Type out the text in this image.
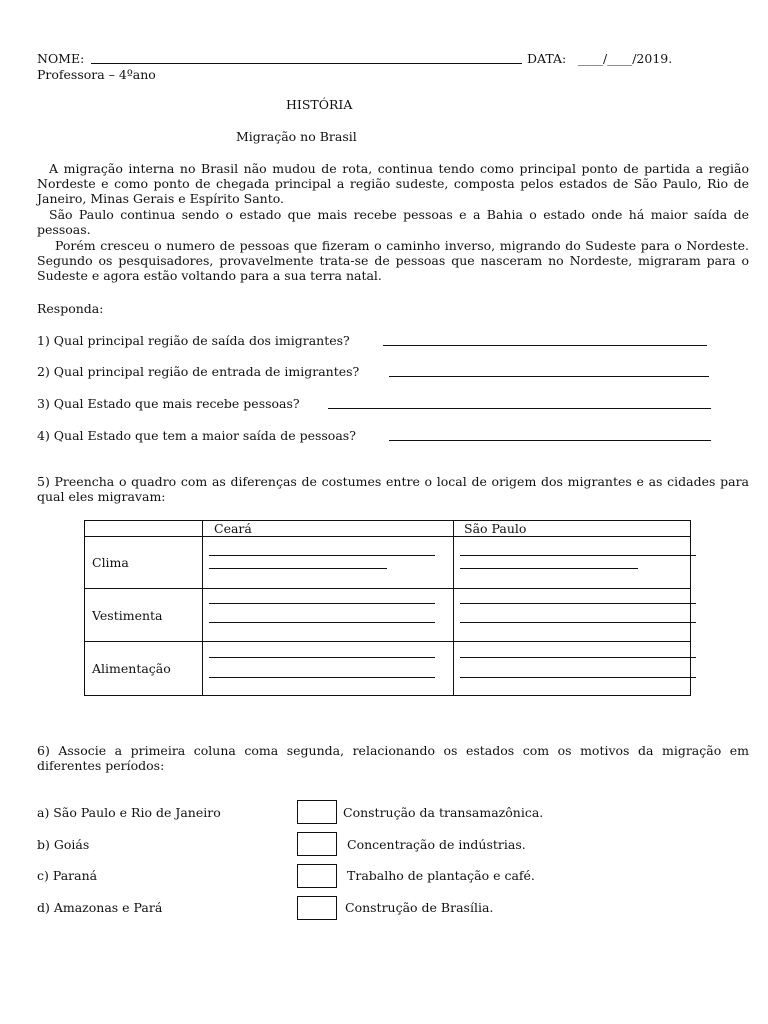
NOME:	DATA: ____/____/2019.
Professora – 4ºano
HISTÓRIA
Migração no Brasil
A migração interna no Brasil não mudou de rota, continua tendo como principal ponto de partida a região Nordeste e como ponto de chegada principal a região sudeste, composta pelos estados de São Paulo, Rio de Janeiro, Minas Gerais e Espírito Santo.
São Paulo continua sendo o estado que mais recebe pessoas e a Bahia o estado onde há maior saída de pessoas.
Porém cresceu o numero de pessoas que fizeram o caminho inverso, migrando do Sudeste para o Nordeste. Segundo os pesquisadores, provavelmente trata-se de pessoas que nasceram no Nordeste, migraram para o Sudeste e agora estão voltando para a sua terra natal.
Responda:
1) Qual principal região de saída dos imigrantes?
2) Qual principal região de entrada de imigrantes?
3) Qual Estado que mais recebe pessoas?
4) Qual Estado que tem a maior saída de pessoas?
5) Preencha o quadro com as diferenças de costumes entre o local de origem dos migrantes e as cidades para qual eles migravam:
	Ceará	São Paulo
Clima	

Vestimenta	

Alimentação	

6) Associe a primeira coluna coma segunda, relacionando os estados com os motivos da migração em diferentes períodos:
a) São Paulo e Rio de Janeiro	Construção da transamazônica.
b) Goiás	Concentração de indústrias.
c) Paraná	Trabalho de plantação e café.
d) Amazonas e Pará	Construção de Brasília.
